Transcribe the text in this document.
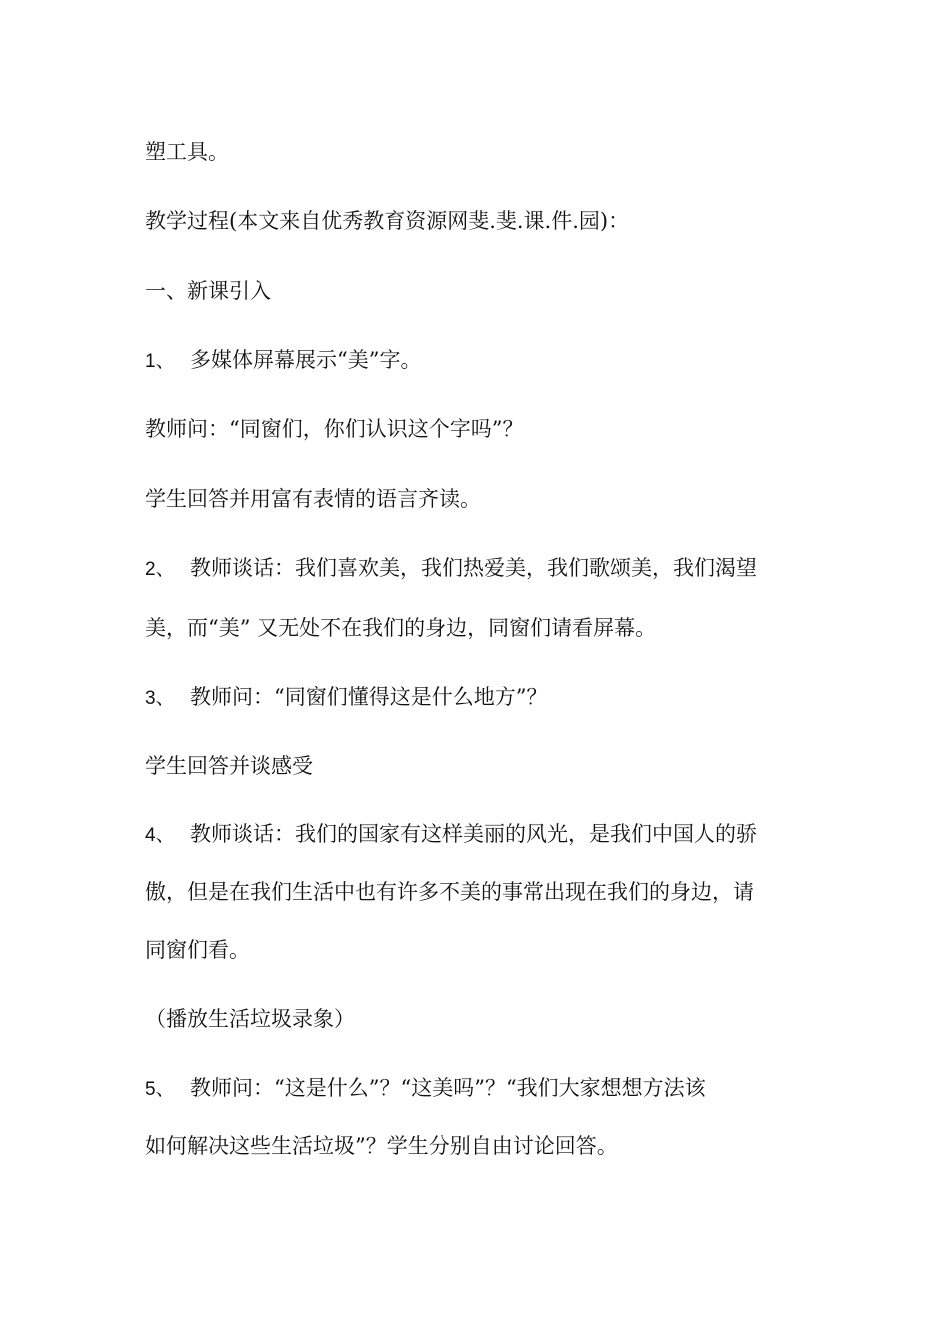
塑工具。
教学过程(本文来自优秀教育资源网斐.斐.课.件.园)：
一、新课引入
1、 多媒体屏幕展示“美”字。
教师问：“同窗们，你们认识这个字吗”？
学生回答并用富有表情的语言齐读。
2、 教师谈话：我们喜欢美，我们热爱美，我们歌颂美，我们渴望
美，而“美” 又无处不在我们的身边，同窗们请看屏幕。
3、 教师问：“同窗们懂得这是什么地方”？
学生回答并谈感受
4、 教师谈话：我们的国家有这样美丽的风光，是我们中国人的骄
傲，但是在我们生活中也有许多不美的事常出现在我们的身边，请
同窗们看。
（播放生活垃圾录象）
5、 教师问：“这是什么”？“这美吗”？“我们大家想想方法该
如何解决这些生活垃圾”？学生分别自由讨论回答。
